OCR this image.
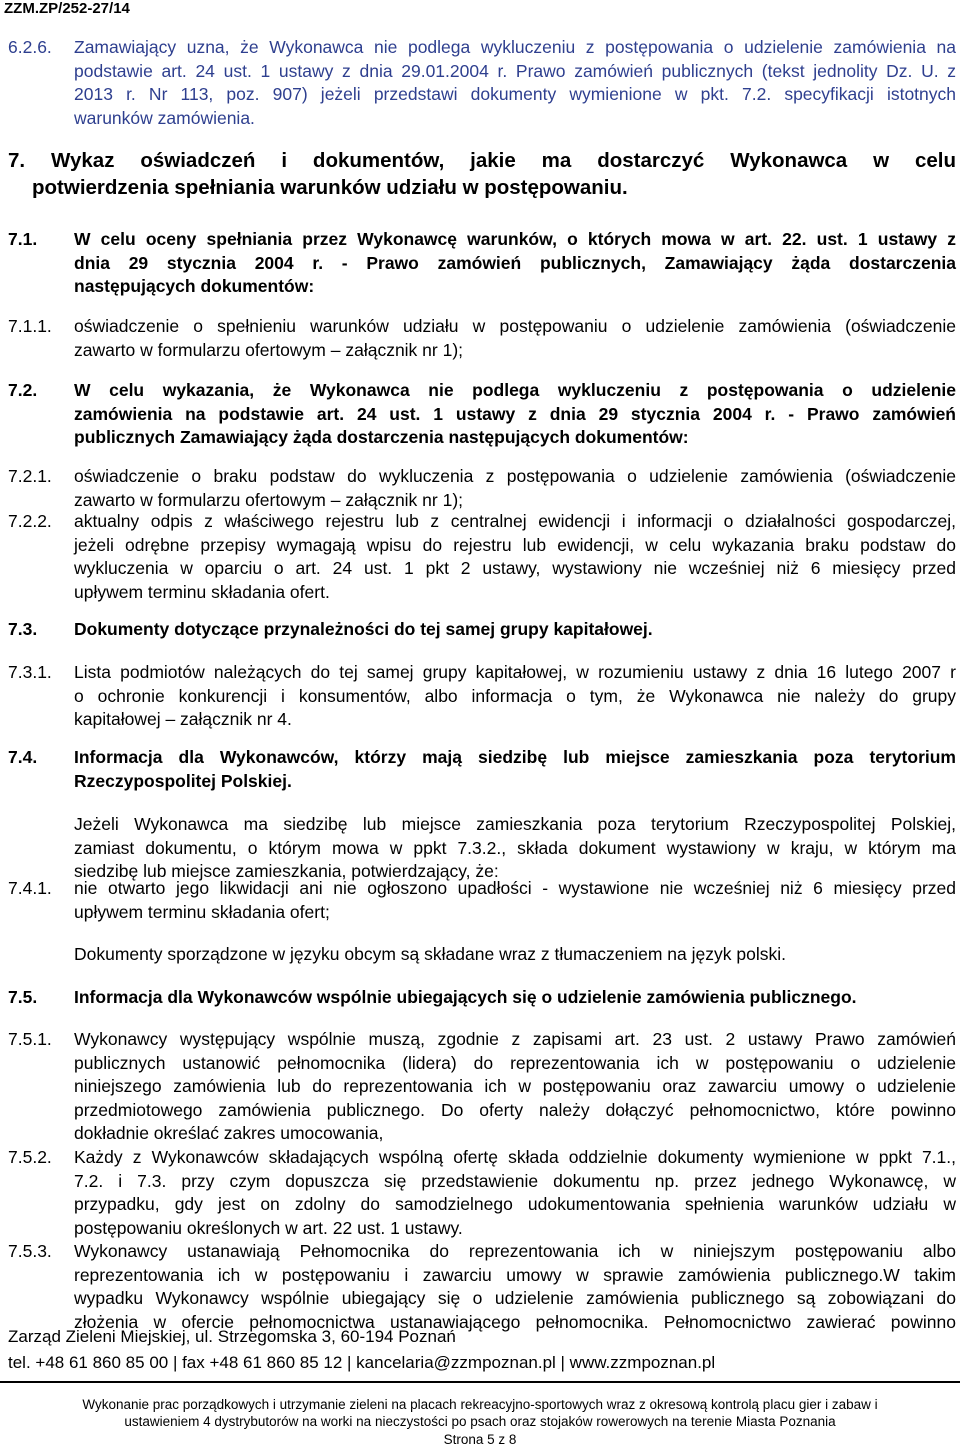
ZZM.ZP/252-27/14
6.2.6. Zamawiający uzna, że Wykonawca nie podlega wykluczeniu z postępowania o udzielenie zamówienia na
podstawie art. 24 ust. 1 ustawy z dnia 29.01.2004 r. Prawo zamówień publicznych (tekst jednolity Dz. U. z
2013 r. Nr 113, poz. 907) jeżeli przedstawi dokumenty wymienione w pkt. 7.2. specyfikacji istotnych
warunków zamówienia.
7. Wykaz oświadczeń i dokumentów, jakie ma dostarczyć Wykonawca w celu
potwierdzenia spełniania warunków udziału w postępowaniu.
7.1. W celu oceny spełniania przez Wykonawcę warunków, o których mowa w art. 22. ust. 1 ustawy z
dnia 29 stycznia 2004 r. - Prawo zamówień publicznych, Zamawiający żąda dostarczenia
następujących dokumentów:
7.1.1. oświadczenie o spełnieniu warunków udziału w postępowaniu o udzielenie zamówienia (oświadczenie
zawarto w formularzu ofertowym – załącznik nr 1);
7.2. W celu wykazania, że Wykonawca nie podlega wykluczeniu z postępowania o udzielenie
zamówienia na podstawie art. 24 ust. 1 ustawy z dnia 29 stycznia 2004 r. - Prawo zamówień
publicznych Zamawiający żąda dostarczenia następujących dokumentów:
7.2.1. oświadczenie o braku podstaw do wykluczenia z postępowania o udzielenie zamówienia (oświadczenie
zawarto w formularzu ofertowym – załącznik nr 1);
7.2.2. aktualny odpis z właściwego rejestru lub z centralnej ewidencji i informacji o działalności gospodarczej,
jeżeli odrębne przepisy wymagają wpisu do rejestru lub ewidencji, w celu wykazania braku podstaw do
wykluczenia w oparciu o art. 24 ust. 1 pkt 2 ustawy, wystawiony nie wcześniej niż 6 miesięcy przed
upływem terminu składania ofert.
7.3. Dokumenty dotyczące przynależności do tej samej grupy kapitałowej.
7.3.1. Lista podmiotów należących do tej samej grupy kapitałowej, w rozumieniu ustawy z dnia 16 lutego 2007 r
o ochronie konkurencji i konsumentów, albo informacja o tym, że Wykonawca nie należy do grupy
kapitałowej – załącznik nr 4.
7.4. Informacja dla Wykonawców, którzy mają siedzibę lub miejsce zamieszkania poza terytorium
Rzeczypospolitej Polskiej.
Jeżeli Wykonawca ma siedzibę lub miejsce zamieszkania poza terytorium Rzeczypospolitej Polskiej,
zamiast dokumentu, o którym mowa w ppkt 7.3.2., składa dokument wystawiony w kraju, w którym ma
siedzibę lub miejsce zamieszkania, potwierdzający, że:
7.4.1. nie otwarto jego likwidacji ani nie ogłoszono upadłości - wystawione nie wcześniej niż 6 miesięcy przed
upływem terminu składania ofert;
Dokumenty sporządzone w języku obcym są składane wraz z tłumaczeniem na język polski.
7.5. Informacja dla Wykonawców wspólnie ubiegających się o udzielenie zamówienia publicznego.
7.5.1. Wykonawcy występujący wspólnie muszą, zgodnie z zapisami art. 23 ust. 2 ustawy Prawo zamówień
publicznych ustanowić pełnomocnika (lidera) do reprezentowania ich w postępowaniu o udzielenie
niniejszego zamówienia lub do reprezentowania ich w postępowaniu oraz zawarciu umowy o udzielenie
przedmiotowego zamówienia publicznego. Do oferty należy dołączyć pełnomocnictwo, które powinno
dokładnie określać zakres umocowania,
7.5.2. Każdy z Wykonawców składających wspólną ofertę składa oddzielnie dokumenty wymienione w ppkt 7.1.,
7.2. i 7.3. przy czym dopuszcza się przedstawienie dokumentu np. przez jednego Wykonawcę, w
przypadku, gdy jest on zdolny do samodzielnego udokumentowania spełnienia warunków udziału w
postępowaniu określonych w art. 22 ust. 1 ustawy.
7.5.3. Wykonawcy ustanawiają Pełnomocnika do reprezentowania ich w niniejszym postępowaniu albo
reprezentowania ich w postępowaniu i zawarciu umowy w sprawie zamówienia publicznego.W takim
wypadku Wykonawcy wspólnie ubiegający się o udzielenie zamówienia publicznego są zobowiązani do
złożenia w ofercie pełnomocnictwa ustanawiającego pełnomocnika. Pełnomocnictwo zawierać powinno
Zarząd Zieleni Miejskiej, ul. Strzegomska 3, 60-194 Poznań
tel. +48 61 860 85 00 | fax +48 61 860 85 12 | kancelaria@zzmpoznan.pl | www.zzmpoznan.pl
Wykonanie prac porządkowych i utrzymanie zieleni na placach rekreacyjno-sportowych wraz z okresową kontrolą placu gier i zabaw i
ustawieniem 4 dystrybutorów na worki na nieczystości po psach oraz stojaków rowerowych na terenie Miasta Poznania
Strona 5 z 8
